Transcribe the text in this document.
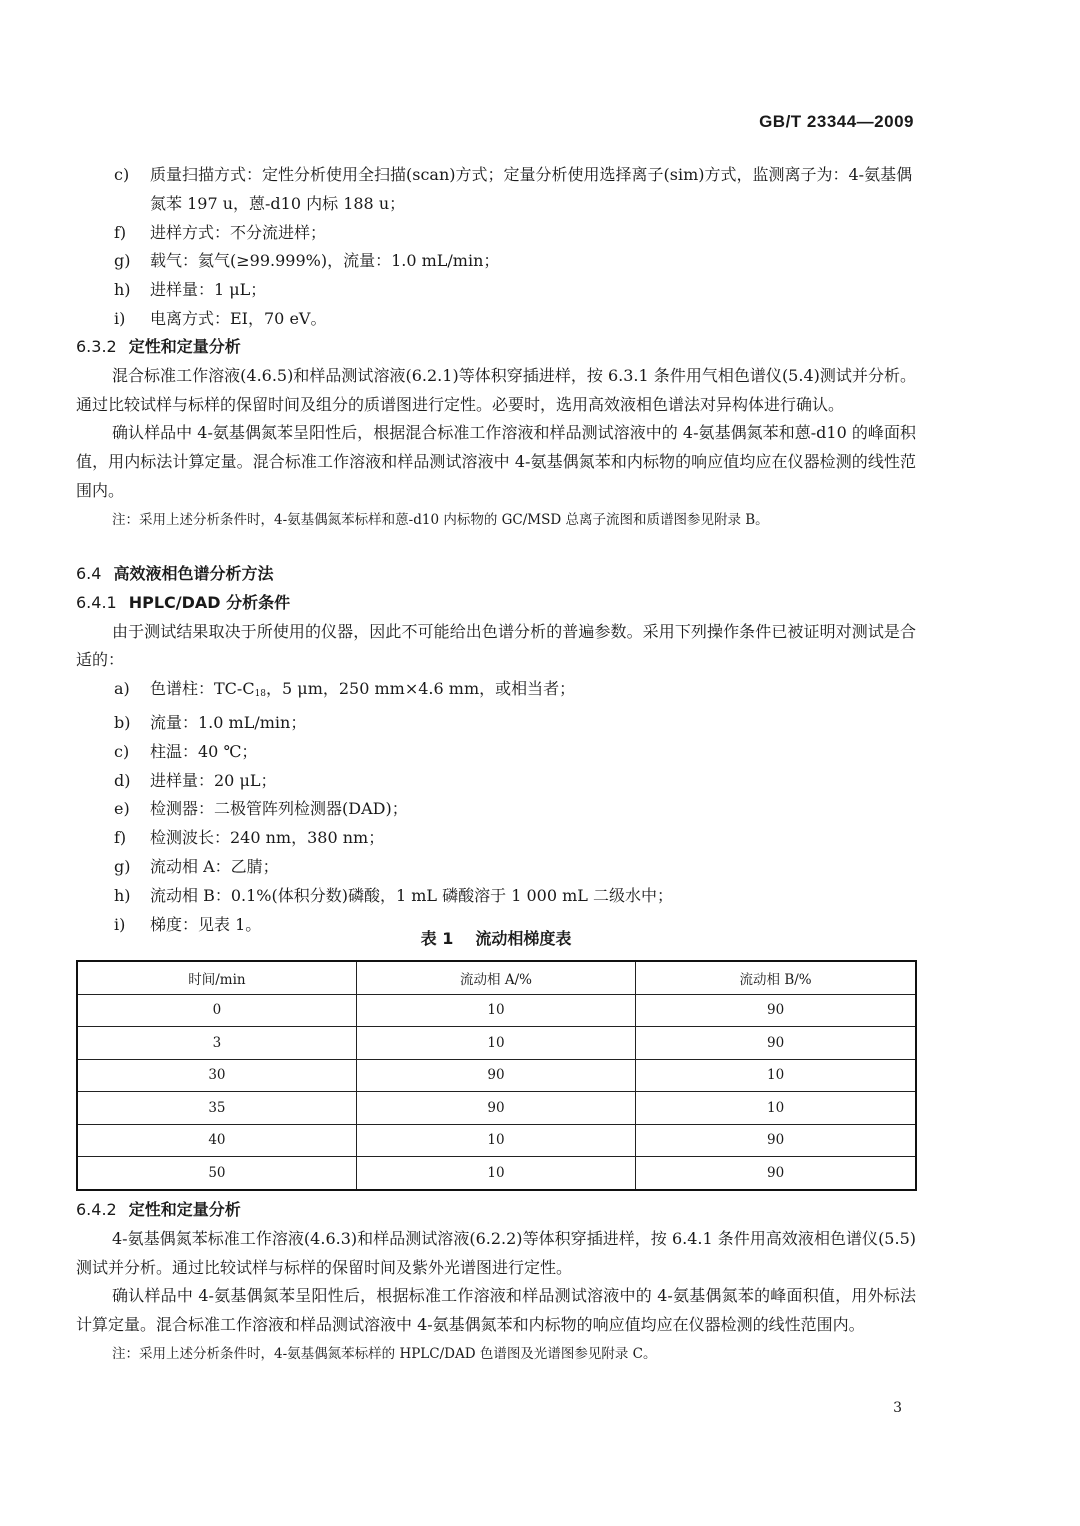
GB/T 23344—2009
c) 质量扫描方式：定性分析使用全扫描(scan)方式；定量分析使用选择离子(sim)方式，监测离子为：4-氨基偶氮苯 197 u，蒽-d10 内标 188 u；
f) 进样方式：不分流进样；
g) 载气：氦气(≥99.999%)，流量：1.0 mL/min；
h) 进样量：1 μL；
i) 电离方式：EI，70 eV。
6.3.2 定性和定量分析
混合标准工作溶液(4.6.5)和样品测试溶液(6.2.1)等体积穿插进样，按 6.3.1 条件用气相色谱仪(5.4)测试并分析。通过比较试样与标样的保留时间及组分的质谱图进行定性。必要时，选用高效液相色谱法对异构体进行确认。
确认样品中 4-氨基偶氮苯呈阳性后，根据混合标准工作溶液和样品测试溶液中的 4-氨基偶氮苯和蒽-d10 的峰面积值，用内标法计算定量。混合标准工作溶液和样品测试溶液中 4-氨基偶氮苯和内标物的响应值均应在仪器检测的线性范围内。
注：采用上述分析条件时，4-氨基偶氮苯标样和蒽-d10 内标物的 GC/MSD 总离子流图和质谱图参见附录 B。
6.4 高效液相色谱分析方法
6.4.1 HPLC/DAD 分析条件
由于测试结果取决于所使用的仪器，因此不可能给出色谱分析的普遍参数。采用下列操作条件已被证明对测试是合适的：
a) 色谱柱：$TC-C_{18}$，5 μm，250 mm×4.6 mm，或相当者；
b) 流量：1.0 mL/min；
c) 柱温：40 ℃；
d) 进样量：20 μL；
e) 检测器：二极管阵列检测器(DAD)；
f) 检测波长：240 nm，380 nm；
g) 流动相 A：乙腈；
h) 流动相 B：0.1%(体积分数)磷酸，1 mL 磷酸溶于 1 000 mL 二级水中；
i) 梯度：见表 1。
表 1 流动相梯度表
时间/min	流动相 A/%	流动相 B/%
0	10	90
3	10	90
30	90	10
35	90	10
40	10	90
50	10	90
6.4.2 定性和定量分析
4-氨基偶氮苯标准工作溶液(4.6.3)和样品测试溶液(6.2.2)等体积穿插进样，按 6.4.1 条件用高效液相色谱仪(5.5)测试并分析。通过比较试样与标样的保留时间及紫外光谱图进行定性。
确认样品中 4-氨基偶氮苯呈阳性后，根据标准工作溶液和样品测试溶液中的 4-氨基偶氮苯的峰面积值，用外标法计算定量。混合标准工作溶液和样品测试溶液中 4-氨基偶氮苯和内标物的响应值均应在仪器检测的线性范围内。
注：采用上述分析条件时，4-氨基偶氮苯标样的 HPLC/DAD 色谱图及光谱图参见附录 C。
3
